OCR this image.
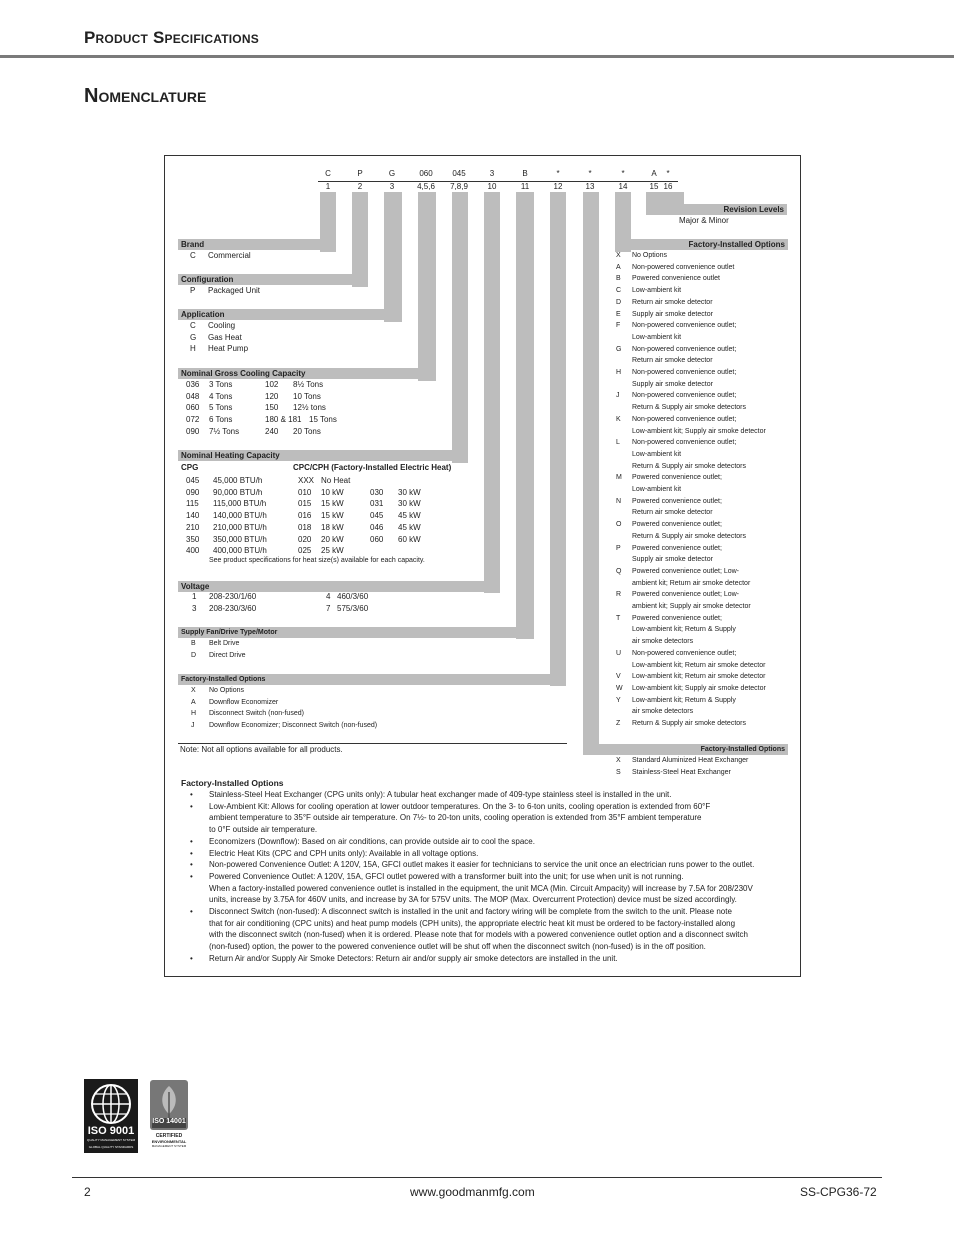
Product Specifications
Nomenclature
C	P	G	060	045	3	B	*	*	*	A	*
1	2	3	4,5,6	7,8,9	10	11	12	13	14	15 16
Revision Levels
Major & Minor
Brand
C Commercial
Configuration
P Packaged Unit
Application
C Cooling
G Gas Heat
H Heat Pump
Nominal Gross Cooling Capacity
036 3 Tons	102 8½ Tons
048 4 Tons	120 10 Tons
060 5 Tons	150 12½ tons
072 6 Tons	180 & 181 15 Tons
090 7½ Tons	240 20 Tons
Nominal Heating Capacity
CPG	CPC/CPH (Factory-Installed Electric Heat)
045 45,000 BTU/h	XXX No Heat
090 90,000 BTU/h	010 10 kW	030 30 kW
115 115,000 BTU/h	015 15 kW	031 30 kW
140 140,000 BTU/h	016 15 kW	045 45 kW
210 210,000 BTU/h	018 18 kW	046 45 kW
350 350,000 BTU/h	020 20 kW	060 60 kW
400 400,000 BTU/h	025 25 kW
See product specifications for heat size(s) available for each capacity.
Voltage
1 208-230/1/60	4 460/3/60
3 208-230/3/60	7 575/3/60
Supply Fan/Drive Type/Motor
B Belt Drive
D Direct Drive
Factory-Installed Options
X No Options
A Downflow Economizer
H Disconnect Switch (non-fused)
J Downflow Economizer; Disconnect Switch (non-fused)
Note: Not all options available for all products.
Factory-Installed Options
X No Options
A Non-powered convenience outlet
B Powered convenience outlet
C Low-ambient kit
D Return air smoke detector
E Supply air smoke detector
F Non-powered convenience outlet;
Low-ambient kit
G Non-powered convenience outlet;
Return air smoke detector
H Non-powered convenience outlet;
Supply air smoke detector
J Non-powered convenience outlet;
Return & Supply air smoke detectors
K Non-powered convenience outlet;
Low-ambient kit; Supply air smoke detector
L Non-powered convenience outlet;
Low-ambient kit
Return & Supply air smoke detectors
M Powered convenience outlet;
Low-ambient kit
N Powered convenience outlet;
Return air smoke detector
O Powered convenience outlet;
Return & Supply air smoke detectors
P Powered convenience outlet;
Supply air smoke detector
Q Powered convenience outlet; Low-
ambient kit; Return air smoke detector
R Powered convenience outlet; Low-
ambient kit; Supply air smoke detector
T Powered convenience outlet;
Low-ambient kit; Return & Supply
air smoke detectors
U Non-powered convenience outlet;
Low-ambient kit; Return air smoke detector
V Low-ambient kit; Return air smoke detector
W Low-ambient kit; Supply air smoke detector
Y Low-ambient kit; Return & Supply
air smoke detectors
Z Return & Supply air smoke detectors
Factory-Installed Options
X Standard Aluminized Heat Exchanger
S Stainless-Steel Heat Exchanger
Factory-Installed Options
• Stainless-Steel Heat Exchanger (CPG units only): A tubular heat exchanger made of 409-type stainless steel is installed in the unit.
• Low-Ambient Kit: Allows for cooling operation at lower outdoor temperatures. On the 3- to 6-ton units, cooling operation is extended from 60°F
ambient temperature to 35°F outside air temperature. On 7½- to 20-ton units, cooling operation is extended from 35°F ambient temperature
to 0°F outside air temperature.
• Economizers (Downflow): Based on air conditions, can provide outside air to cool the space.
• Electric Heat Kits (CPC and CPH units only): Available in all voltage options.
• Non-powered Convenience Outlet: A 120V, 15A, GFCI outlet makes it easier for technicians to service the unit once an electrician runs power to the outlet.
• Powered Convenience Outlet: A 120V, 15A, GFCI outlet powered with a transformer built into the unit; for use when unit is not running.
When a factory-installed powered convenience outlet is installed in the equipment, the unit MCA (Min. Circuit Ampacity) will increase by 7.5A for 208/230V
units, increase by 3.75A for 460V units, and increase by 3A for 575V units. The MOP (Max. Overcurrent Protection) device must be sized accordingly.
• Disconnect Switch (non-fused): A disconnect switch is installed in the unit and factory wiring will be complete from the switch to the unit. Please note
that for air conditioning (CPC units) and heat pump models (CPH units), the appropriate electric heat kit must be ordered to be factory-installed along
with the disconnect switch (non-fused) when it is ordered. Please note that for models with a powered convenience outlet option and a disconnect switch
(non-fused) option, the power to the powered convenience outlet will be shut off when the disconnect switch (non-fused) is in the off position.
• Return Air and/or Supply Air Smoke Detectors: Return air and/or supply air smoke detectors are installed in the unit.
ISO 9001
QUALITY MANAGEMENT SYSTEM
GLOBAL QUALITY STANDARDS
ISO 14001
CERTIFIED
ENVIRONMENTAL
MANAGEMENT SYSTEM
2	www.goodmanmfg.com	SS-CPG36-72
